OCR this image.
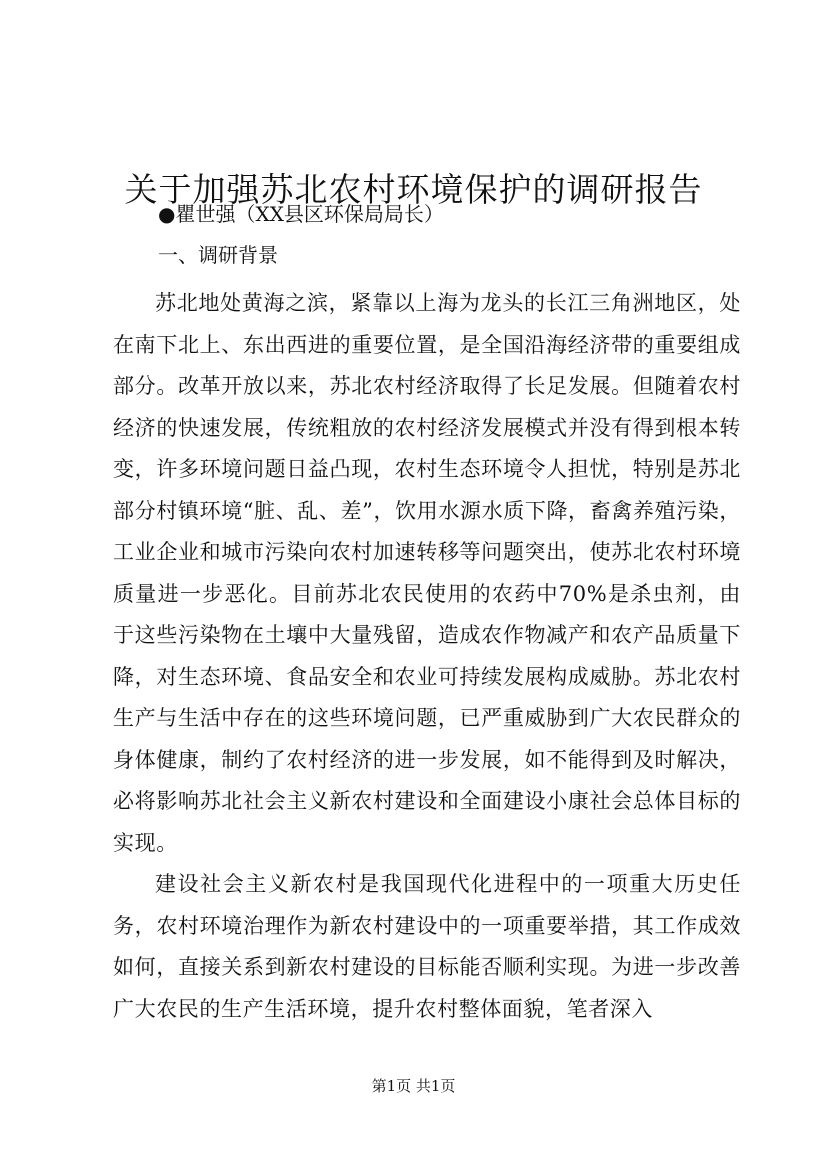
关于加强苏北农村环境保护的调研报告
●瞿世强（XX县区环保局局长）
一、调研背景

苏北地处黄海之滨，紧靠以上海为龙头的长江三角洲地区，处在南下北上、东出西进的重要位置，是全国沿海经济带的重要组成部分。改革开放以来，苏北农村经济取得了长足发展。但随着农村经济的快速发展，传统粗放的农村经济发展模式并没有得到根本转变，许多环境问题日益凸现，农村生态环境令人担忧，特别是苏北部分村镇环境“脏、乱、差”，饮用水源水质下降，畜禽养殖污染，工业企业和城市污染向农村加速转移等问题突出，使苏北农村环境质量进一步恶化。目前苏北农民使用的农药中70%是杀虫剂，由于这些污染物在土壤中大量残留，造成农作物减产和农产品质量下降，对生态环境、食品安全和农业可持续发展构成威胁。苏北农村生产与生活中存在的这些环境问题，已严重威胁到广大农民群众的身体健康，制约了农村经济的进一步发展，如不能得到及时解决，必将影响苏北社会主义新农村建设和全面建设小康社会总体目标的实现。

建设社会主义新农村是我国现代化进程中的一项重大历史任务，农村环境治理作为新农村建设中的一项重要举措，其工作成效如何，直接关系到新农村建设的目标能否顺利实现。为进一步改善广大农民的生产生活环境，提升农村整体面貌，笔者深入

第1页 共1页
